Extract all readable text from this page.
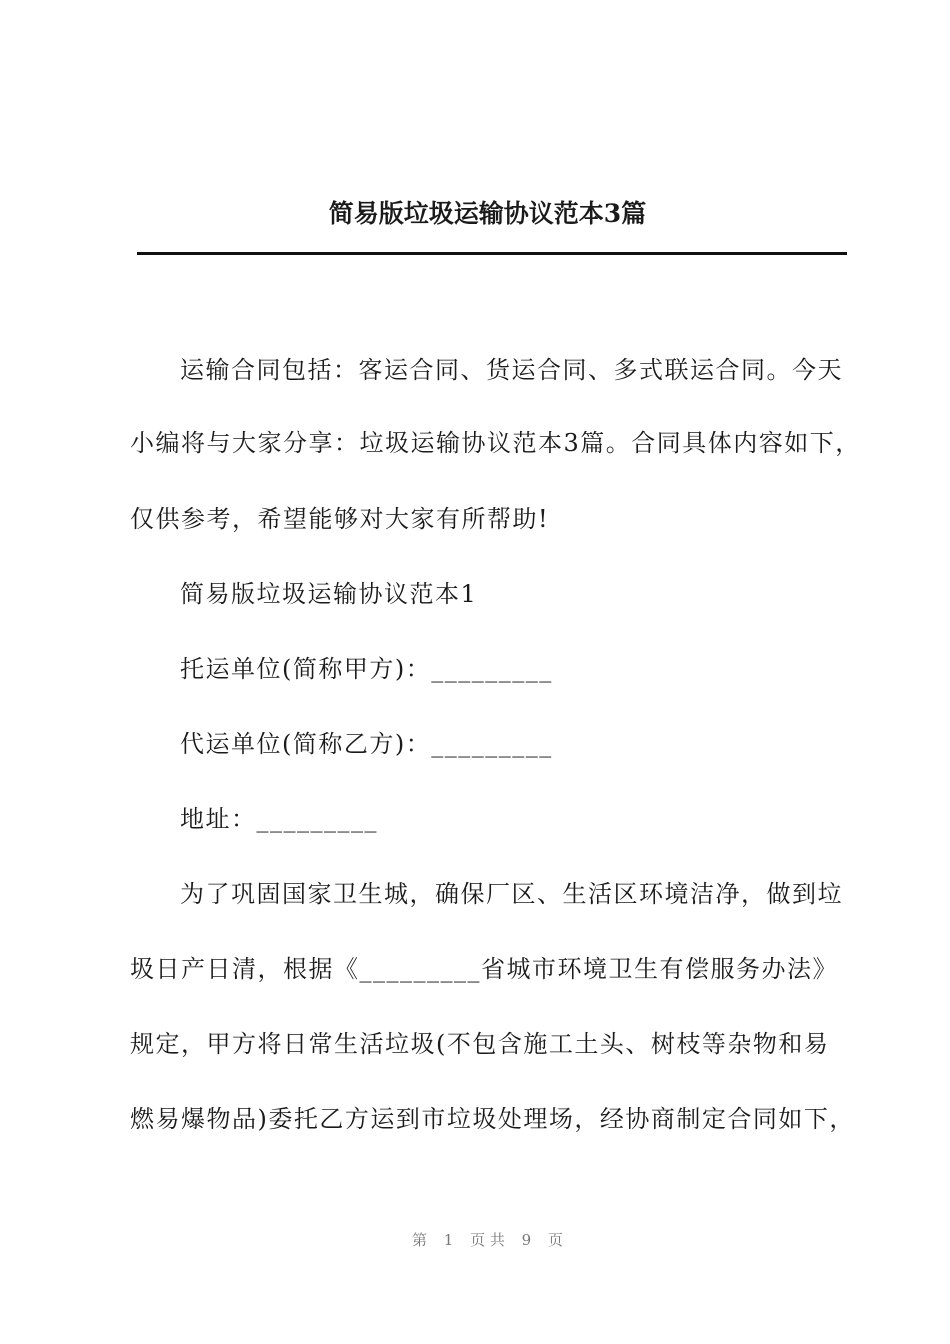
简易版垃圾运输协议范本3篇
运输合同包括：客运合同、货运合同、多式联运合同。今天
小编将与大家分享：垃圾运输协议范本3篇。合同具体内容如下，
仅供参考，希望能够对大家有所帮助!
简易版垃圾运输协议范本1
托运单位(简称甲方)：_________
代运单位(简称乙方)：_________
地址：_________
为了巩固国家卫生城，确保厂区、生活区环境洁净，做到垃
圾日产日清，根据《_________省城市环境卫生有偿服务办法》
规定，甲方将日常生活垃圾(不包含施工土头、树枝等杂物和易
燃易爆物品)委托乙方运到市垃圾处理场，经协商制定合同如下，
第 1 页 共 9 页
